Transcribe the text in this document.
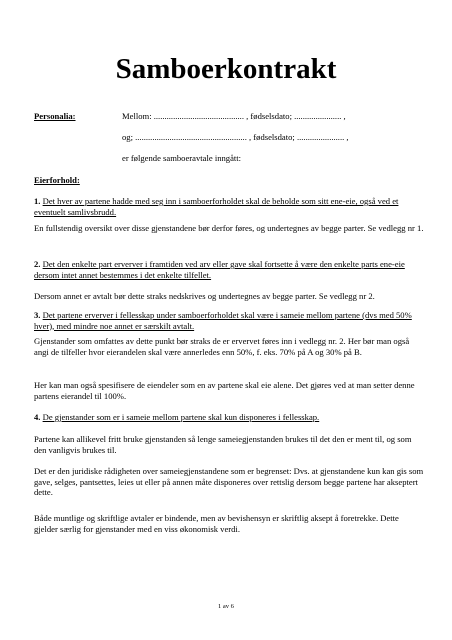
Samboerkontrakt
Personalia:	Mellom: .......................................... , fødselsdato; ...................... ,
og; .................................................... , fødselsdato; ...................... ,
er følgende samboeravtale inngått:
Eierforhold:
1. Det hver av partene hadde med seg inn i samboerforholdet skal de beholde som sitt ene-eie, også ved et eventuelt samlivsbrudd.
En fullstendig oversikt over disse gjenstandene bør derfor føres, og undertegnes av begge parter. Se vedlegg nr 1.
2. Det den enkelte part erverver i framtiden ved arv eller gave skal fortsette å være den enkelte parts ene-eie dersom intet annet bestemmes i det enkelte tilfellet.
Dersom annet er avtalt bør dette straks nedskrives og undertegnes av begge parter. Se vedlegg nr 2.
3. Det partene erverver i fellesskap under samboerforholdet skal være i sameie mellom partene (dvs med 50% hver), med mindre noe annet er særskilt avtalt.
Gjenstander som omfattes av dette punkt bør straks de er ervervet føres inn i vedlegg nr. 2. Her bør man også angi de tilfeller hvor eierandelen skal være annerledes enn 50%, f. eks. 70% på A og 30% på B.
Her kan man også spesifisere de eiendeler som en av partene skal eie alene. Det gjøres ved at man setter denne partens eierandel til 100%.
4. De gjenstander som er i sameie mellom partene skal kun disponeres i fellesskap.
Partene kan allikevel fritt bruke gjenstanden så lenge sameiegjenstanden brukes til det den er ment til, og som den vanligvis brukes til.
Det er den juridiske rådigheten over sameiegjenstandene som er begrenset: Dvs. at gjenstandene kun kan gis som gave, selges, pantsettes, leies ut eller på annen måte disponeres over rettslig dersom begge partene har akseptert dette.
Både muntlige og skriftlige avtaler er bindende, men av bevishensyn er skriftlig aksept å foretrekke. Dette gjelder særlig for gjenstander med en viss økonomisk verdi.
1 av 6
